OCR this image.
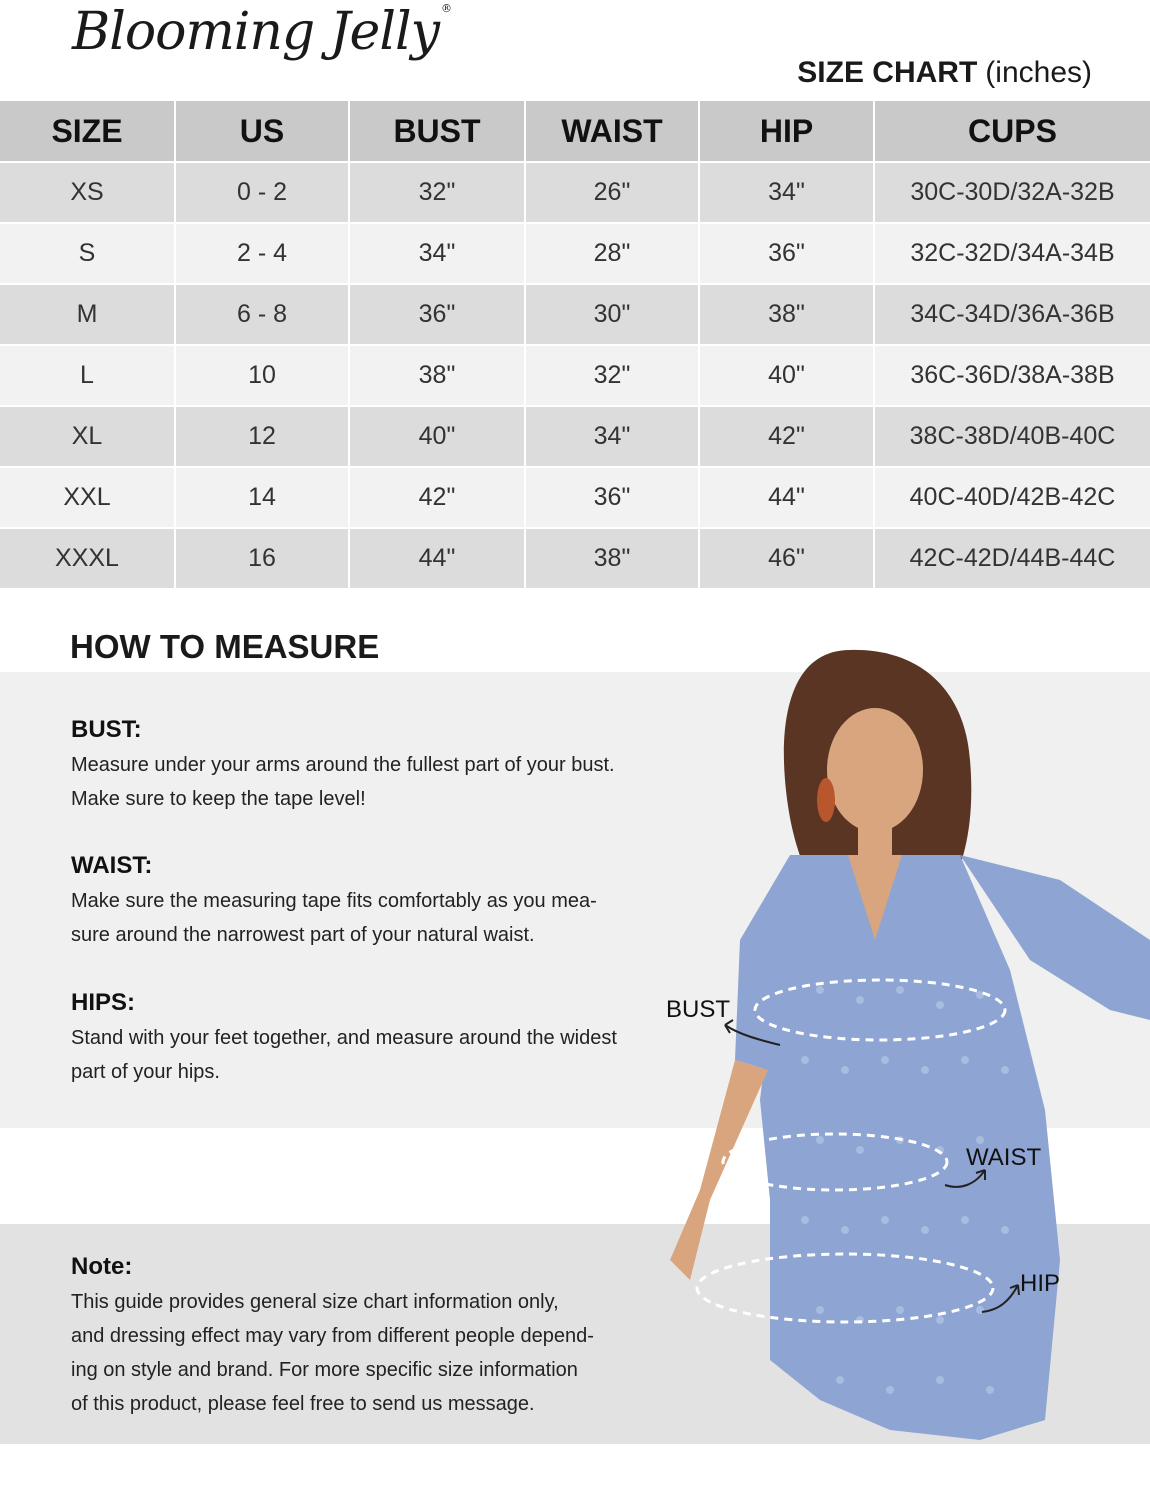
Blooming Jelly ®
SIZE CHART (inches)
SIZE	US	BUST	WAIST	HIP	CUPS
XS	0 - 2	32"	26"	34"	30C-30D/32A-32B
S	2 - 4	34"	28"	36"	32C-32D/34A-34B
M	6 - 8	36"	30"	38"	34C-34D/36A-36B
L	10	38"	32"	40"	36C-36D/38A-38B
XL	12	40"	34"	42"	38C-38D/40B-40C
XXL	14	42"	36"	44"	40C-40D/42B-42C
XXXL	16	44"	38"	46"	42C-42D/44B-44C
HOW TO MEASURE
BUST:
Measure under your arms around the fullest part of your bust.
Make sure to keep the tape level!
WAIST:
Make sure the measuring tape fits comfortably as you mea-
sure around the narrowest part of your natural waist.
HIPS:
Stand with your feet together, and measure around the widest
part of your hips.
Note:
This guide provides general size chart information only,
and dressing effect may vary from different people depend-
ing on style and brand. For more specific size information
of this product, please feel free to send us message.
BUST
WAIST
HIP
